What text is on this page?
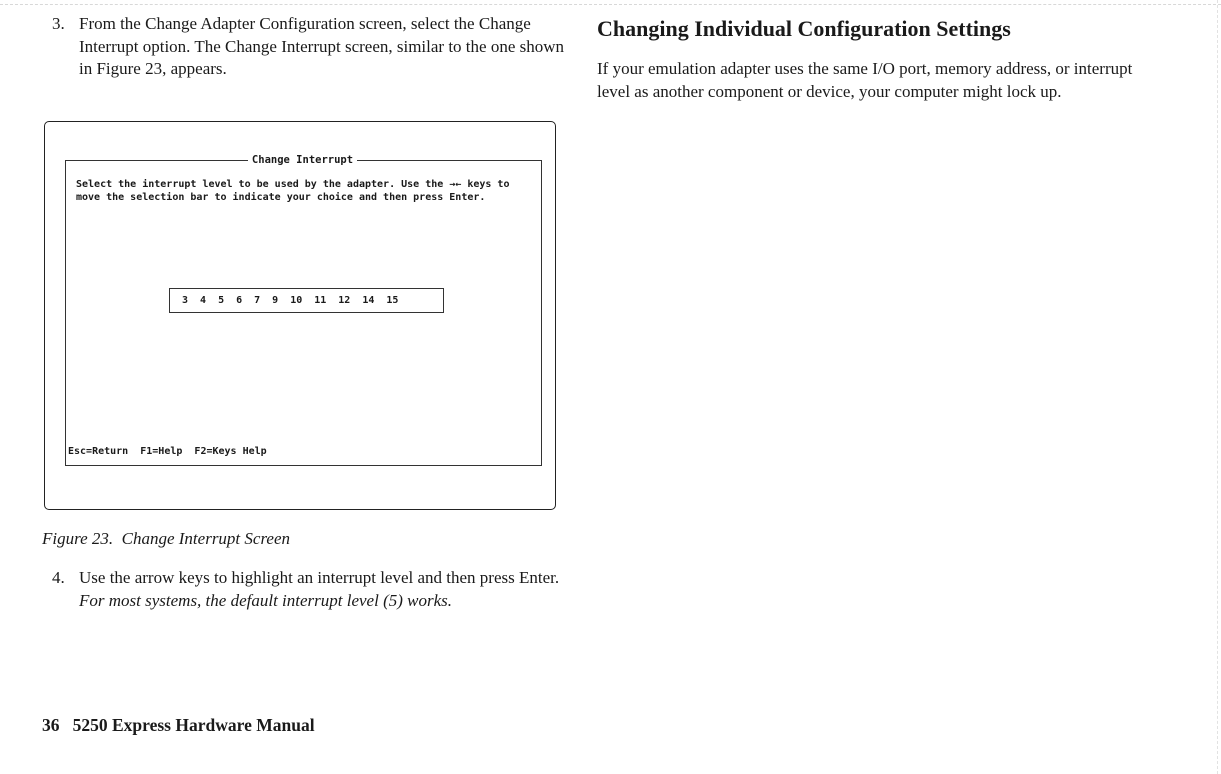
3. From the Change Adapter Configuration screen, select the Change Interrupt option. The Change Interrupt screen, similar to the one shown in Figure 23, appears.
Change Interrupt
Select the interrupt level to be used by the adapter. Use the →← keys to
move the selection bar to indicate your choice and then press Enter.
3 4 5 6 7 9 10 11 12 14 15
Esc=Return  F1=Help  F2=Keys Help
Figure 23.  Change Interrupt Screen
4. Use the arrow keys to highlight an interrupt level and then press Enter. For most systems, the default interrupt level (5) works.
36 5250 Express Hardware Manual
Changing Individual Configuration Settings
If your emulation adapter uses the same I/O port, memory address, or interrupt level as another component or device, your computer might lock up.
